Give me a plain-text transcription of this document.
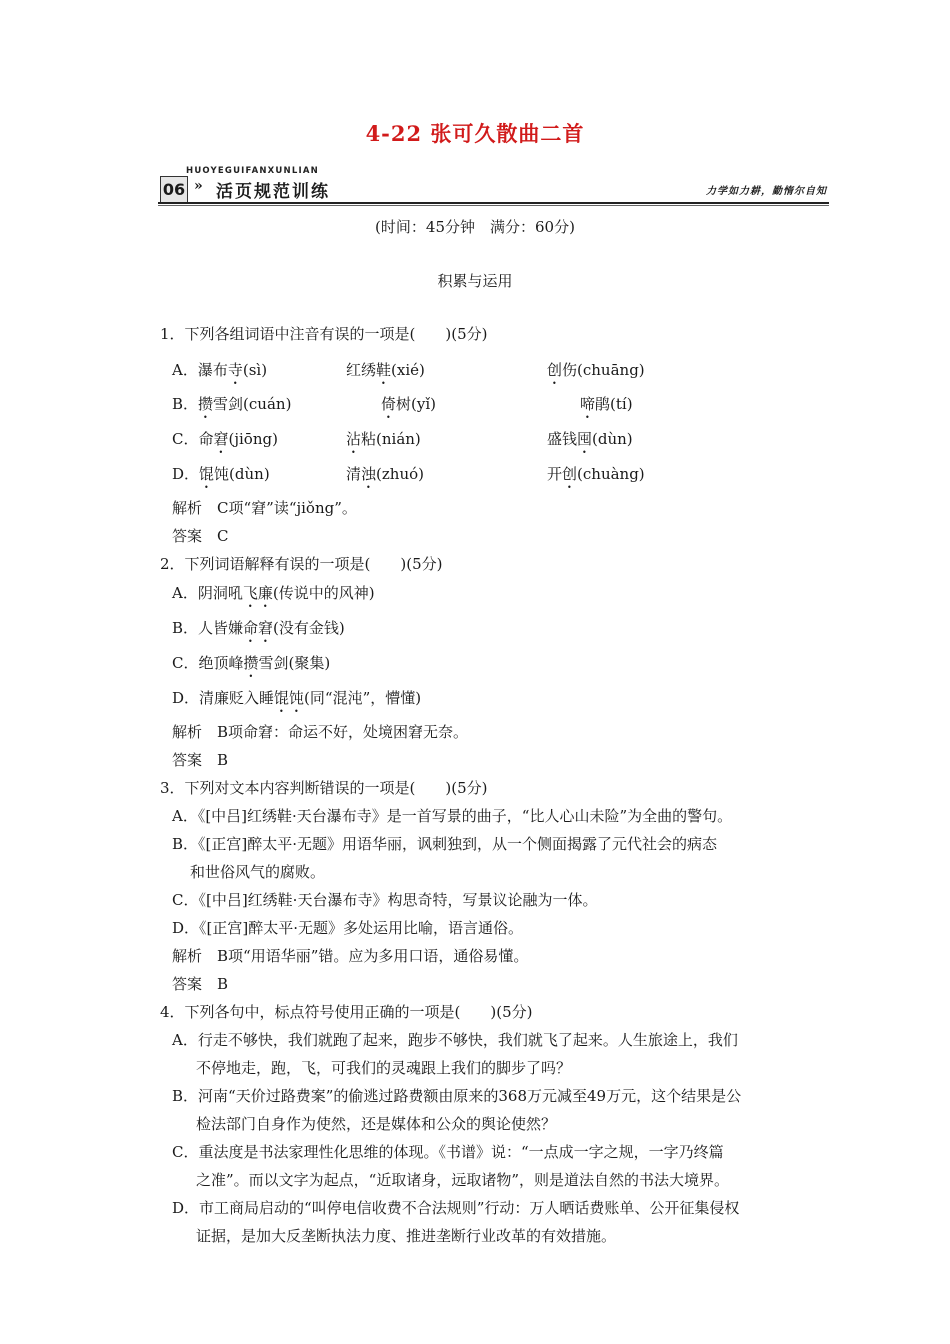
4-22 张可久散曲二首
HUOYEGUIFANXUNLIAN
06 » 活页规范训练	力学如力耕，勤惰尔自知
(时间：45分钟　满分：60分)
积累与运用
1．下列各组词语中注音有误的一项是(　　)(5分)
A．瀑布寺(sì)	红绣鞋(xié)	创伤(chuāng)
B．攒雪剑(cuán)	倚树(yǐ)	啼鹃(tí)
C．命窘(jiōng)	沾粘(nián)	盛钱囤(dùn)
D．馄饨(dùn)	清浊(zhuó)	开创(chuàng)
解析　C项“窘”读“jiǒng”。
答案　C
2．下列词语解释有误的一项是(　　)(5分)
A．阴洞吼飞廉(传说中的风神)
B．人皆嫌命窘(没有金钱)
C．绝顶峰攒雪剑(聚集)
D．清廉贬入睡馄饨(同“混沌”，懵懂)
解析　B项命窘：命运不好，处境困窘无奈。
答案　B
3．下列对文本内容判断错误的一项是(　　)(5分)
A．《[中吕]红绣鞋·天台瀑布寺》是一首写景的曲子，“比人心山未险”为全曲的警句。
B．《[正宫]醉太平·无题》用语华丽，讽刺独到，从一个侧面揭露了元代社会的病态
和世俗风气的腐败。
C．《[中吕]红绣鞋·天台瀑布寺》构思奇特，写景议论融为一体。
D．《[正宫]醉太平·无题》多处运用比喻，语言通俗。
解析　B项“用语华丽”错。应为多用口语，通俗易懂。
答案　B
4．下列各句中，标点符号使用正确的一项是(　　)(5分)
A．行走不够快，我们就跑了起来，跑步不够快，我们就飞了起来。人生旅途上，我们
不停地走，跑，飞，可我们的灵魂跟上我们的脚步了吗？
B．河南“天价过路费案”的偷逃过路费额由原来的368万元减至49万元，这个结果是公
检法部门自身作为使然，还是媒体和公众的舆论使然？
C．重法度是书法家理性化思维的体现。《书谱》说：“一点成一字之规，一字乃终篇
之准”。而以文字为起点，“近取诸身，远取诸物”，则是道法自然的书法大境界。
D．市工商局启动的“叫停电信收费不合法规则”行动：万人晒话费账单、公开征集侵权
证据，是加大反垄断执法力度、推进垄断行业改革的有效措施。
